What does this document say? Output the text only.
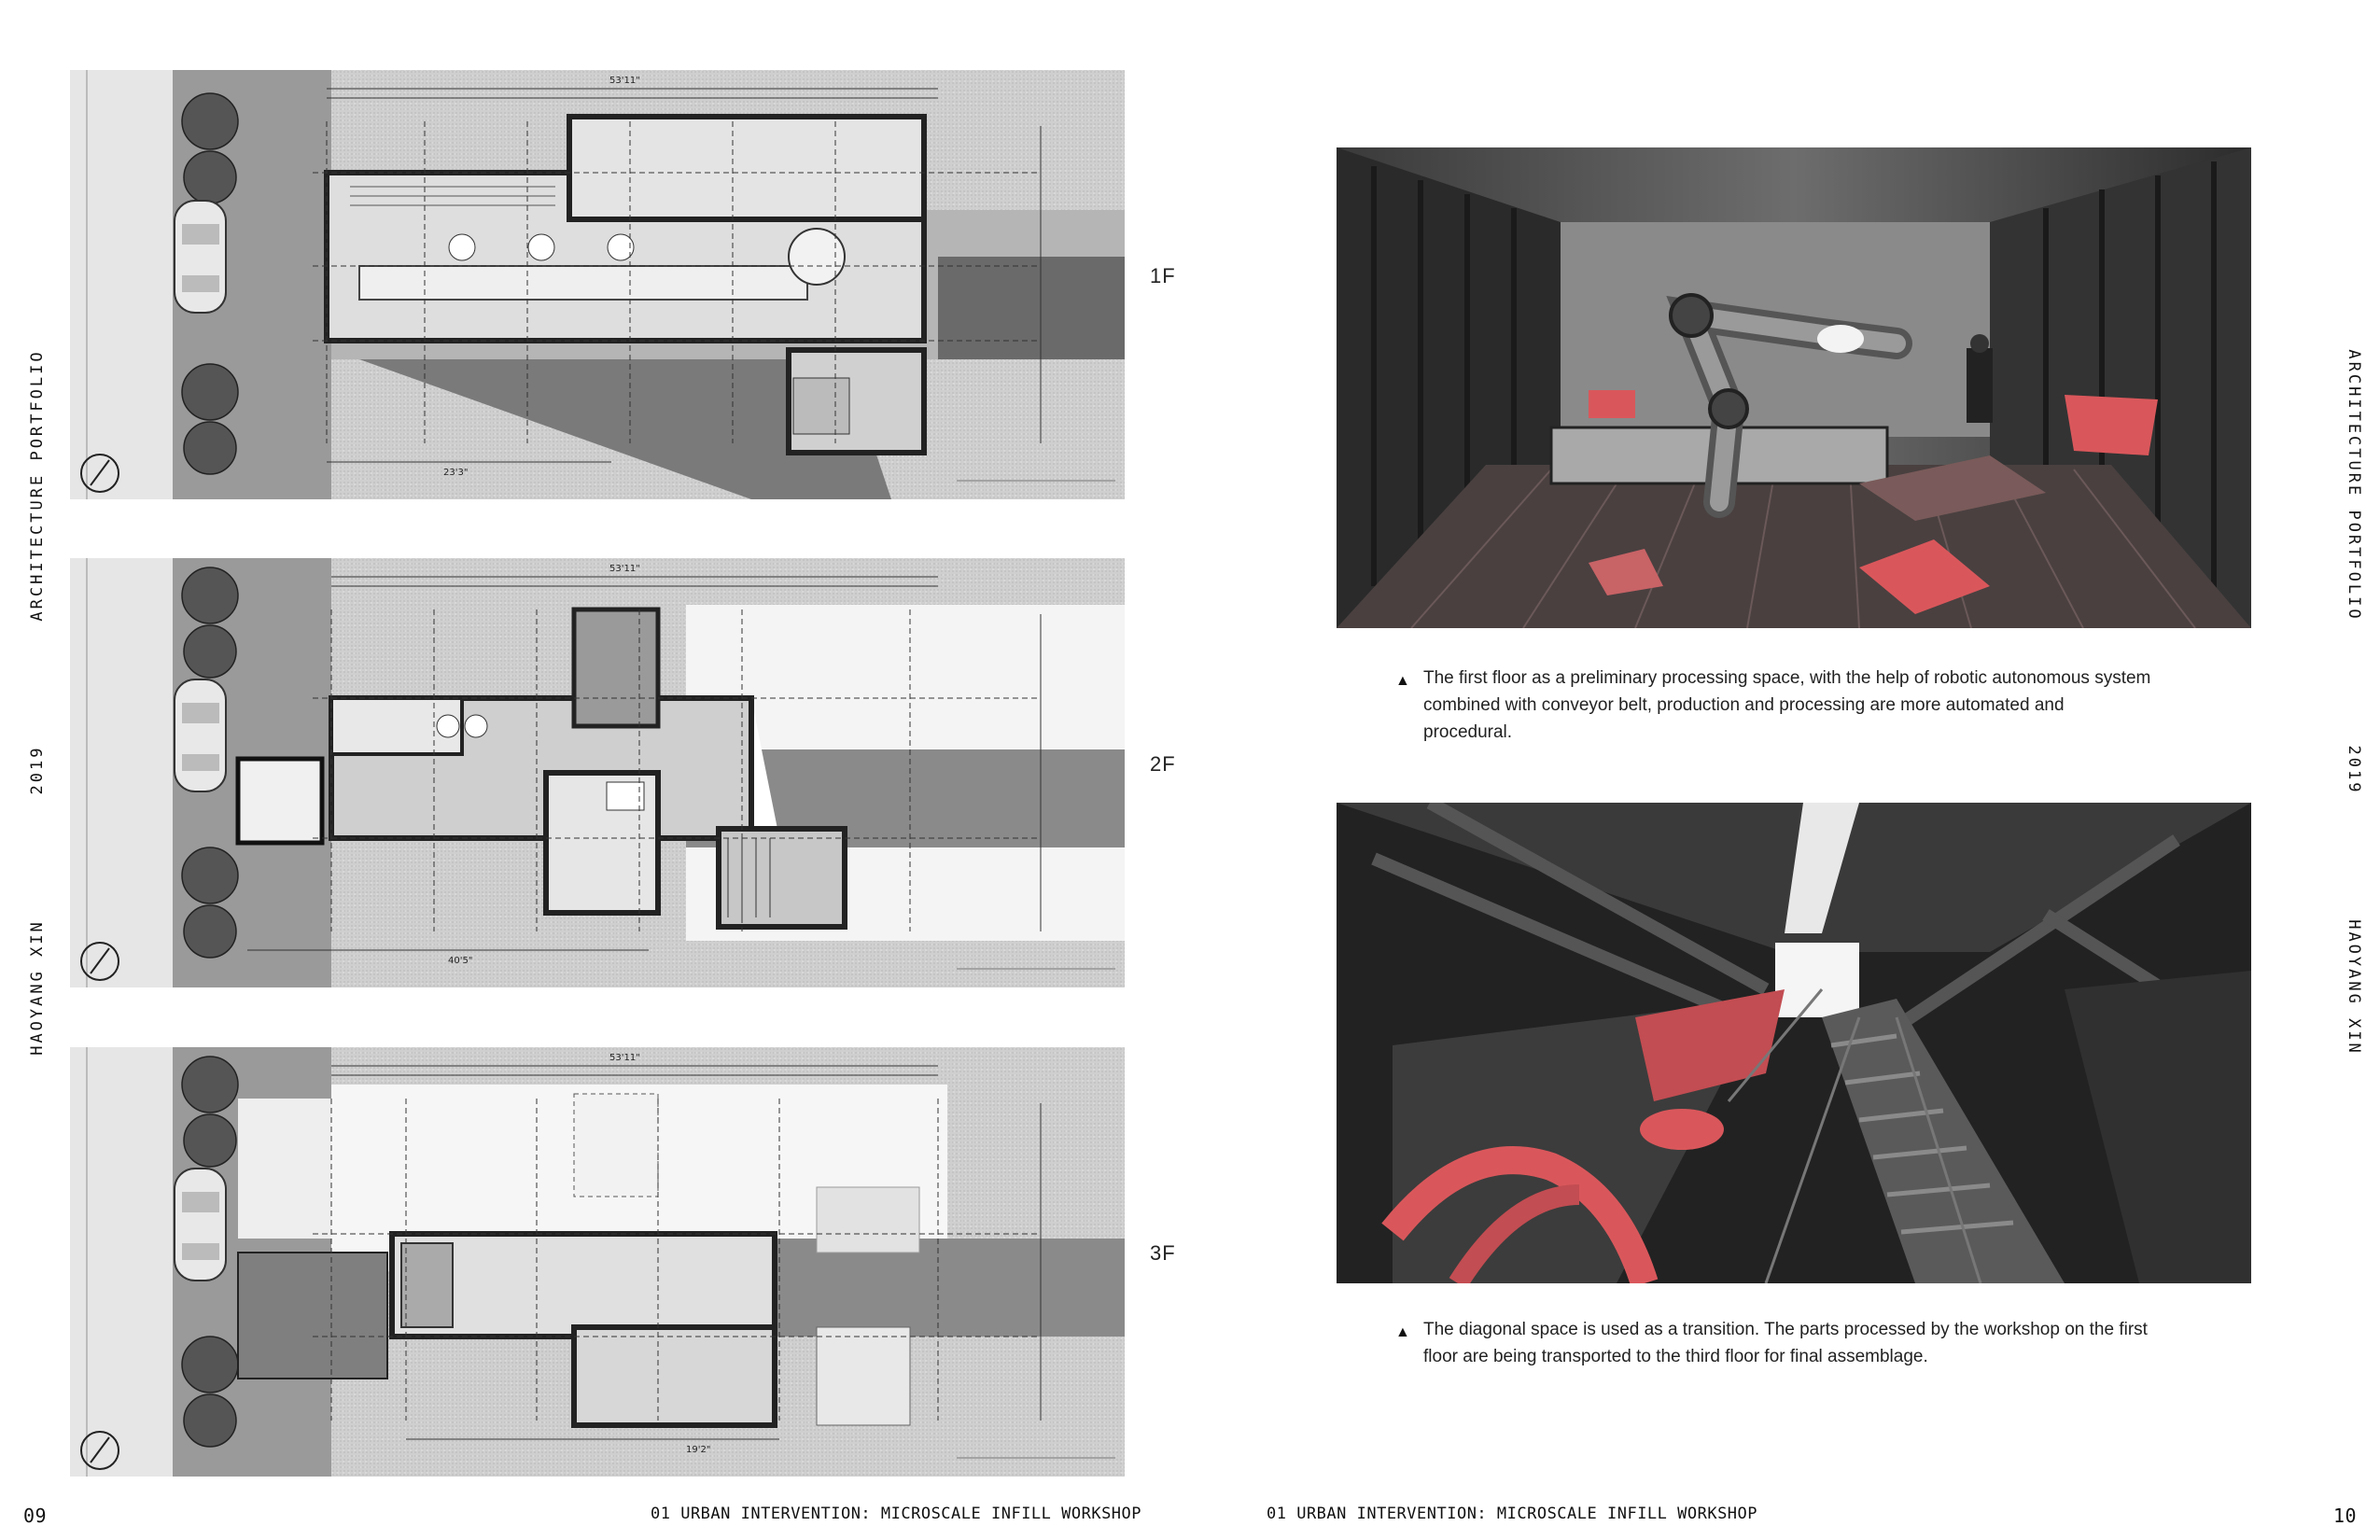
ARCHITECTURE PORTFOLIO
2019
HAOYANG XIN
ARCHITECTURE PORTFOLIO
2019
HAOYANG XIN
53'11"
23'3"
1F
53'11"
40'5"
2F
53'11"
19'2"
3F
▲ The first floor as a preliminary processing space, with the help of robotic autonomous system combined with conveyor belt, production and processing are more automated and procedural.
▲ The diagonal space is used as a transition. The parts processed by the workshop on the first floor are being transported to the third floor for final assemblage.
09	01 URBAN INTERVENTION: MICROSCALE INFILL WORKSHOP	01 URBAN INTERVENTION: MICROSCALE INFILL WORKSHOP	10
